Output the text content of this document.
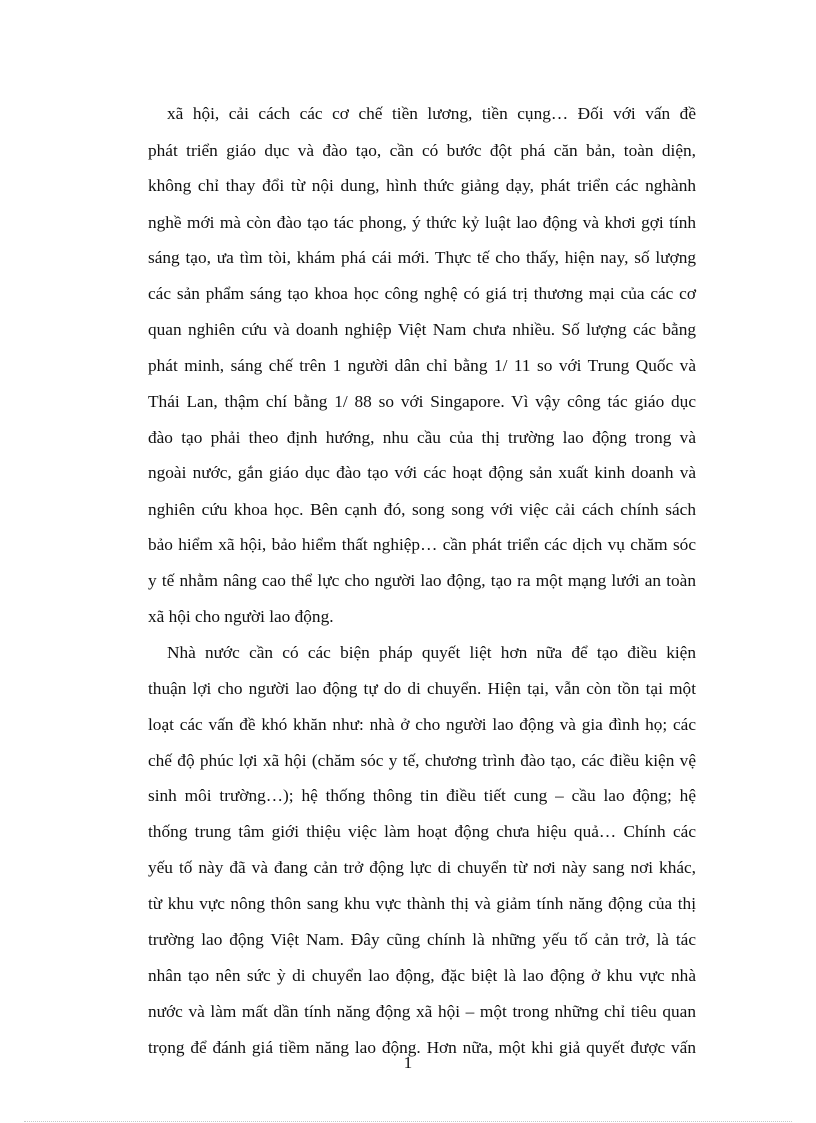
xã hội, cải cách các cơ chế tiền lương, tiền cụng… Đối với vấn đề
phát triển giáo dục và đào tạo, cần có bước đột phá căn bản, toàn diện,
không chỉ thay đổi từ nội dung, hình thức giảng dạy, phát triển các nghành
nghề mới mà còn đào tạo tác phong, ý thức kỷ luật lao động và khơi gợi tính
sáng tạo, ưa tìm tòi, khám phá cái mới. Thực tế cho thấy, hiện nay, số lượng
các sản phẩm sáng tạo khoa học công nghệ có giá trị thương mại của các cơ
quan nghiên cứu và doanh nghiệp Việt Nam chưa nhiều. Số lượng các bằng
phát minh, sáng chế trên 1 người dân chỉ bằng 1/ 11 so với Trung Quốc và
Thái Lan, thậm chí bằng 1/ 88 so với Singapore. Vì vậy công tác giáo dục
đào tạo phải theo định hướng, nhu cầu của thị trường lao động trong và
ngoài nước, gắn giáo dục đào tạo với các hoạt động sản xuất kinh doanh và
nghiên cứu khoa học. Bên cạnh đó, song song với việc cải cách chính sách
bảo hiểm xã hội, bảo hiểm thất nghiệp… cần phát triển các dịch vụ chăm sóc
y tế nhằm nâng cao thể lực cho người lao động, tạo ra một mạng lưới an toàn
xã hội cho người lao động.
Nhà nước cần có các biện pháp quyết liệt hơn nữa để tạo điều kiện
thuận lợi cho người lao động tự do di chuyển. Hiện tại, vẫn còn tồn tại một
loạt các vấn đề khó khăn như: nhà ở cho người lao động và gia đình họ; các
chế độ phúc lợi xã hội (chăm sóc y tế, chương trình đào tạo, các điều kiện vệ
sinh môi trường…); hệ thống thông tin điều tiết cung – cầu lao động; hệ
thống trung tâm giới thiệu việc làm hoạt động chưa hiệu quả… Chính các
yếu tố này đã và đang cản trở động lực di chuyển từ nơi này sang nơi khác,
từ khu vực nông thôn sang khu vực thành thị và giảm tính năng động của thị
trường lao động Việt Nam. Đây cũng chính là những yếu tố cản trở, là tác
nhân tạo nên sức ỳ di chuyển lao động, đặc biệt là lao động ở khu vực nhà
nước và làm mất dần tính năng động xã hội – một trong những chỉ tiêu quan
trọng để đánh giá tiềm năng lao động. Hơn nữa, một khi giả quyết được vấn
1
